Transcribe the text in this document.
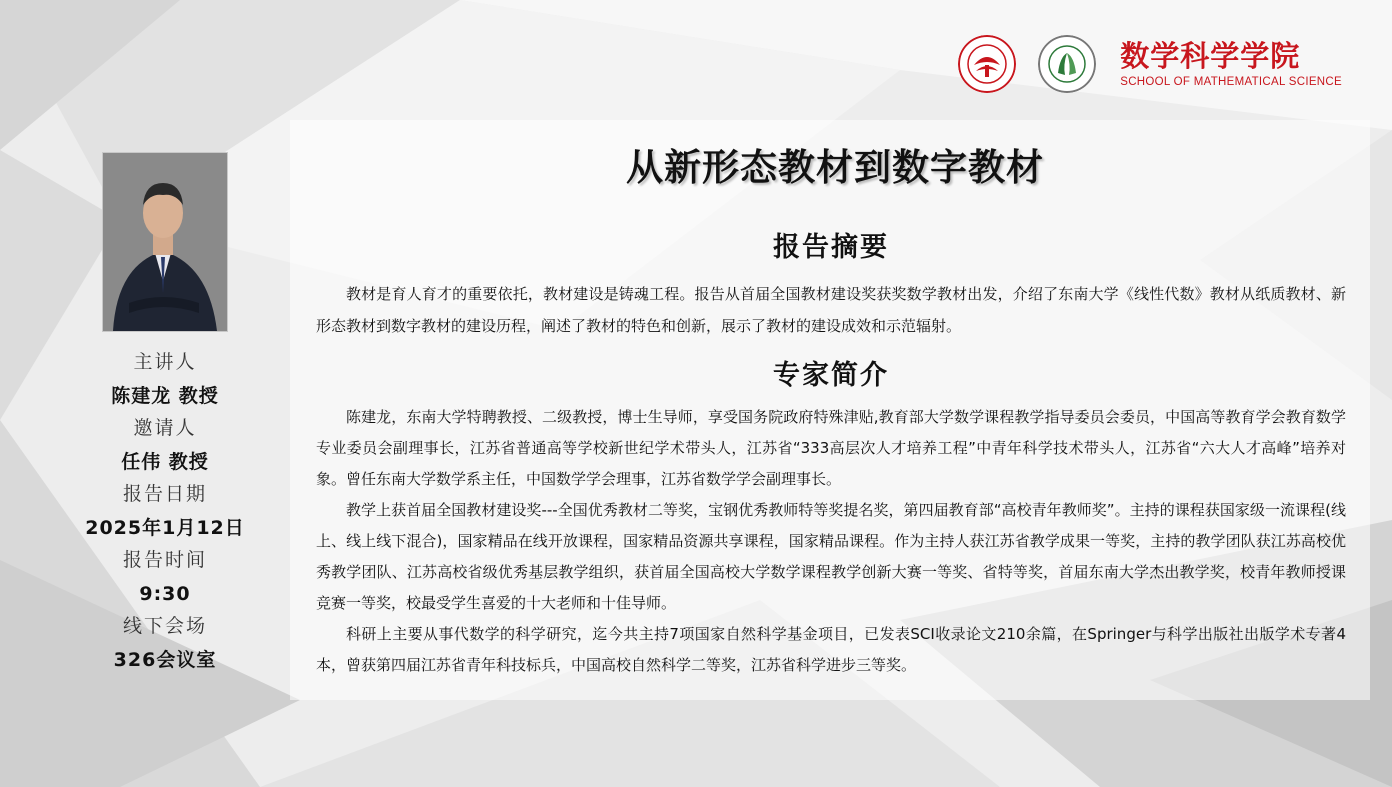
数学科学学院
SCHOOL OF MATHEMATICAL SCIENCE
主讲人
陈建龙 教授
邀请人
任伟 教授
报告日期
2025年1月12日
报告时间
9:30
线下会场
326会议室
从新形态教材到数字教材
报告摘要

教材是育人育才的重要依托，教材建设是铸魂工程。报告从首届全国教材建设奖获奖数学教材出发，介绍了东南大学《线性代数》教材从纸质教材、新形态教材到数字教材的建设历程，阐述了教材的特色和创新，展示了教材的建设成效和示范辐射。

专家简介

陈建龙，东南大学特聘教授、二级教授，博士生导师，享受国务院政府特殊津贴,教育部大学数学课程教学指导委员会委员，中国高等教育学会教育数学专业委员会副理事长，江苏省普通高等学校新世纪学术带头人，江苏省“333高层次人才培养工程”中青年科学技术带头人，江苏省“六大人才高峰”培养对象。曾任东南大学数学系主任，中国数学学会理事，江苏省数学学会副理事长。

教学上获首届全国教材建设奖---全国优秀教材二等奖，宝钢优秀教师特等奖提名奖，第四届教育部“高校青年教师奖”。主持的课程获国家级一流课程(线上、线上线下混合)，国家精品在线开放课程，国家精品资源共享课程，国家精品课程。作为主持人获江苏省教学成果一等奖，主持的教学团队获江苏高校优秀教学团队、江苏高校省级优秀基层教学组织，获首届全国高校大学数学课程教学创新大赛一等奖、省特等奖，首届东南大学杰出教学奖，校青年教师授课竞赛一等奖，校最受学生喜爱的十大老师和十佳导师。

科研上主要从事代数学的科学研究，迄今共主持7项国家自然科学基金项目，已发表SCI收录论文210余篇，在Springer与科学出版社出版学术专著4本，曾获第四届江苏省青年科技标兵，中国高校自然科学二等奖，江苏省科学进步三等奖。
